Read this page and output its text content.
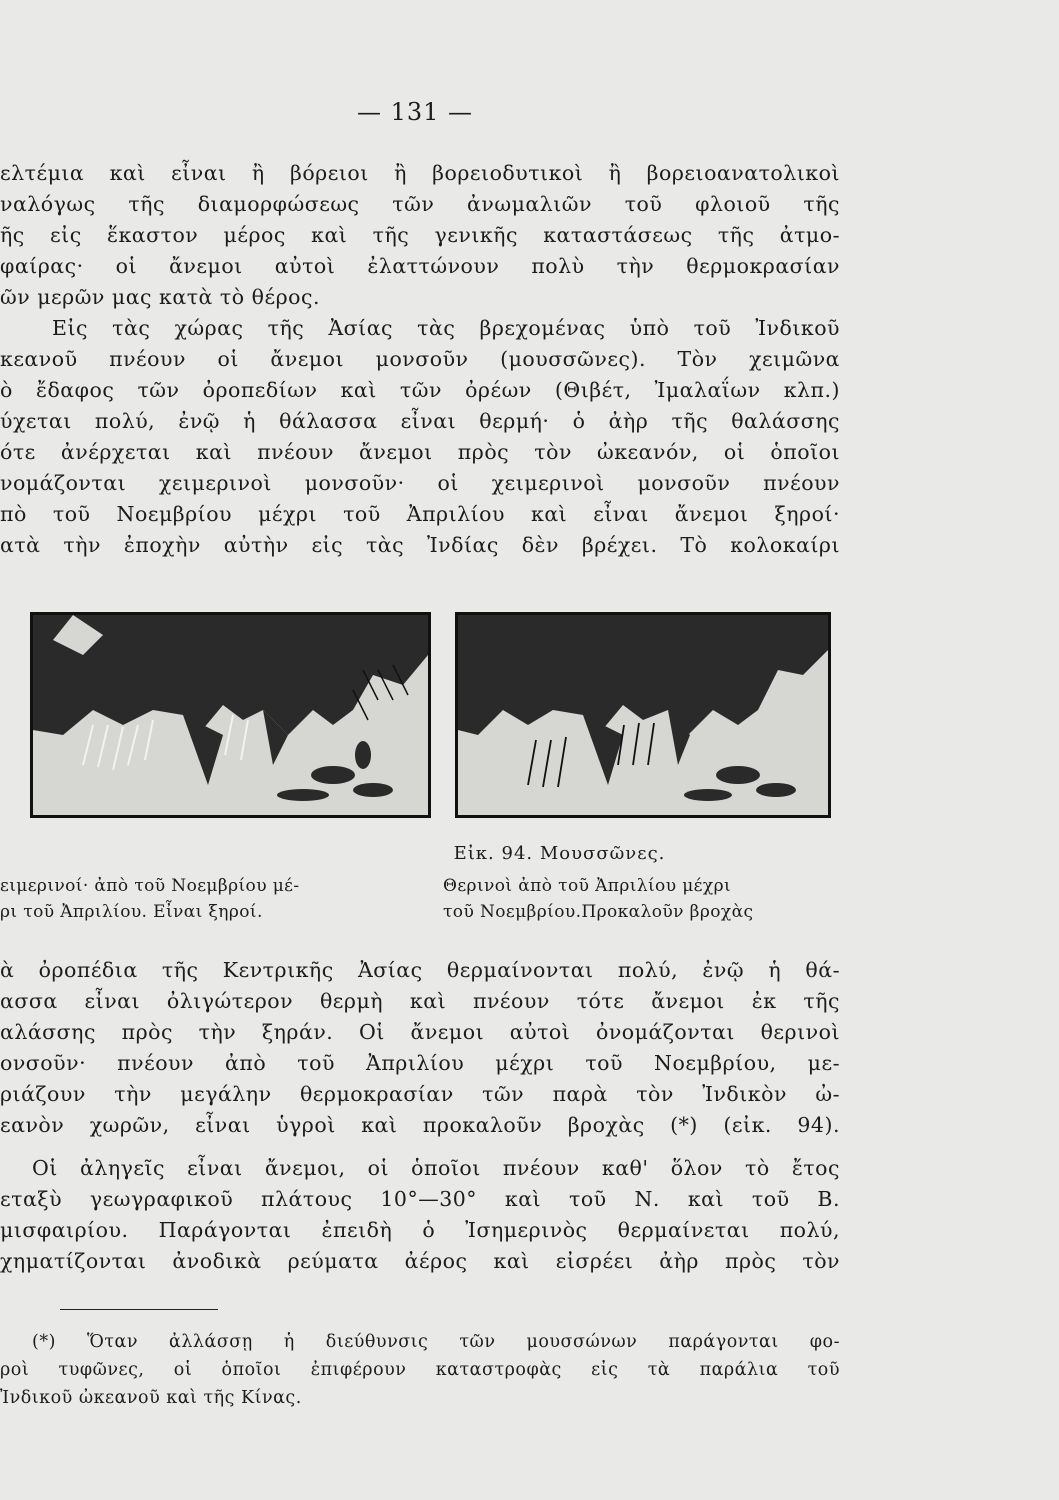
— 131 —
ελτέμια καὶ εἶναι ἢ βόρειοι ἢ βορειοδυτικοὶ ἢ βορειοανατολικοὶ
ναλόγως τῆς διαμορφώσεως τῶν ἀνωμαλιῶν τοῦ φλοιοῦ τῆς
ῆς εἰς ἕκαστον μέρος καὶ τῆς γενικῆς καταστάσεως τῆς ἀτμο-
φαίρας· οἱ ἄνεμοι αὐτοὶ ἐλαττώνουν πολὺ τὴν θερμοκρασίαν
ῶν μερῶν μας κατὰ τὸ θέρος.
Εἰς τὰς χώρας τῆς Ἀσίας τὰς βρεχομένας ὑπὸ τοῦ Ἰνδικοῦ
κεανοῦ πνέουν οἱ ἄνεμοι μονσοῦν (μουσσῶνες). Τὸν χειμῶνα
ὸ ἔδαφος τῶν ὀροπεδίων καὶ τῶν ὀρέων (Θιβέτ, Ἰμαλαΐων κλπ.)
ύχεται πολύ, ἐνῷ ἡ θάλασσα εἶναι θερμή· ὁ ἀὴρ τῆς θαλάσσης
ότε ἀνέρχεται καὶ πνέουν ἄνεμοι πρὸς τὸν ὠκεανόν, οἱ ὁποῖοι
νομάζονται χειμερινοὶ μονσοῦν· οἱ χειμερινοὶ μονσοῦν πνέουν
πὸ τοῦ Νοεμβρίου μέχρι τοῦ Ἀπριλίου καὶ εἶναι ἄνεμοι ξηροί·
ατὰ τὴν ἐποχὴν αὐτὴν εἰς τὰς Ἰνδίας δὲν βρέχει. Τὸ κολοκαίρι
Εἰκ. 94. Μουσσῶνες.
ειμερινοί· ἀπὸ τοῦ Νοεμβρίου μέ-
ρι τοῦ Ἀπριλίου. Εἶναι ξηροί.
Θερινοὶ ἀπὸ τοῦ Ἀπριλίου μέχρι
τοῦ Νοεμβρίου.Προκαλοῦν βροχὰς
ὰ ὀροπέδια τῆς Κεντρικῆς Ἀσίας θερμαίνονται πολύ, ἐνῷ ἡ θά-
ασσα εἶναι ὀλιγώτερον θερμὴ καὶ πνέουν τότε ἄνεμοι ἐκ τῆς
αλάσσης πρὸς τὴν ξηράν. Οἱ ἄνεμοι αὐτοὶ ὀνομάζονται θερινοὶ
ονσοῦν· πνέουν ἀπὸ τοῦ Ἀπριλίου μέχρι τοῦ Νοεμβρίου, με-
ριάζουν τὴν μεγάλην θερμοκρασίαν τῶν παρὰ τὸν Ἰνδικὸν ὠ-
εανὸν χωρῶν, εἶναι ὑγροὶ καὶ προκαλοῦν βροχὰς (*) (εἰκ. 94).
Οἱ ἀληγεῖς εἶναι ἄνεμοι, οἱ ὁποῖοι πνέουν καθ' ὅλον τὸ ἔτος
εταξὺ γεωγραφικοῦ πλάτους 10°—30° καὶ τοῦ Ν. καὶ τοῦ Β.
μισφαιρίου. Παράγονται ἐπειδὴ ὁ Ἰσημερινὸς θερμαίνεται πολύ,
χηματίζονται ἀνοδικὰ ρεύματα ἀέρος καὶ εἰσρέει ἀὴρ πρὸς τὸν
(*) Ὅταν ἀλλάσσῃ ἡ διεύθυνσις τῶν μουσσώνων παράγονται φο-
ροὶ τυφῶνες, οἱ ὁποῖοι ἐπιφέρουν καταστροφὰς εἰς τὰ παράλια τοῦ
Ἰνδικοῦ ὠκεανοῦ καὶ τῆς Κίνας.
